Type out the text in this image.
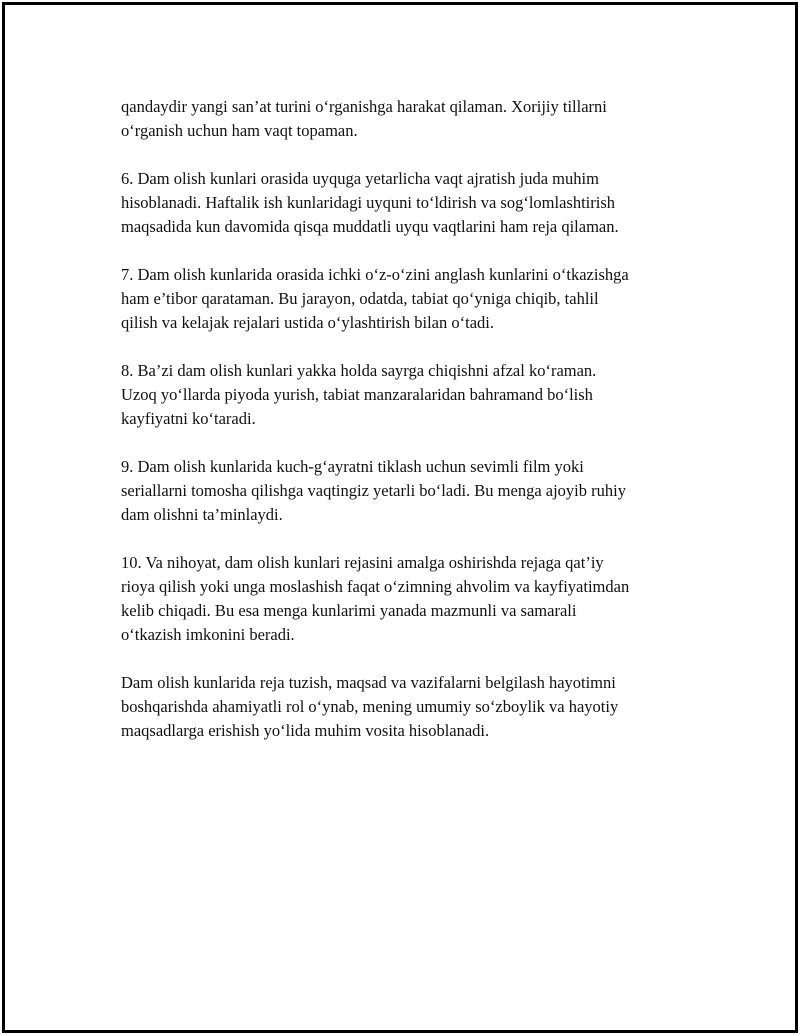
qandaydir yangi san’at turini o‘rganishga harakat qilaman. Xorijiy tillarni
o‘rganish uchun ham vaqt topaman.

6. Dam olish kunlari orasida uyquga yetarlicha vaqt ajratish juda muhim
hisoblanadi. Haftalik ish kunlaridagi uyquni to‘ldirish va sog‘lomlashtirish
maqsadida kun davomida qisqa muddatli uyqu vaqtlarini ham reja qilaman.

7. Dam olish kunlarida orasida ichki o‘z-o‘zini anglash kunlarini o‘tkazishga
ham e’tibor qarataman. Bu jarayon, odatda, tabiat qo‘yniga chiqib, tahlil
qilish va kelajak rejalari ustida o‘ylashtirish bilan o‘tadi.

8. Ba’zi dam olish kunlari yakka holda sayrga chiqishni afzal ko‘raman.
Uzoq yo‘llarda piyoda yurish, tabiat manzaralaridan bahramand bo‘lish
kayfiyatni ko‘taradi.

9. Dam olish kunlarida kuch-g‘ayratni tiklash uchun sevimli film yoki
seriallarni tomosha qilishga vaqtingiz yetarli bo‘ladi. Bu menga ajoyib ruhiy
dam olishni ta’minlaydi.

10. Va nihoyat, dam olish kunlari rejasini amalga oshirishda rejaga qat’iy
rioya qilish yoki unga moslashish faqat o‘zimning ahvolim va kayfiyatimdan
kelib chiqadi. Bu esa menga kunlarimi yanada mazmunli va samarali
o‘tkazish imkonini beradi.

Dam olish kunlarida reja tuzish, maqsad va vazifalarni belgilash hayotimni
boshqarishda ahamiyatli rol o‘ynab, mening umumiy so‘zboylik va hayotiy
maqsadlarga erishish yo‘lida muhim vosita hisoblanadi.
